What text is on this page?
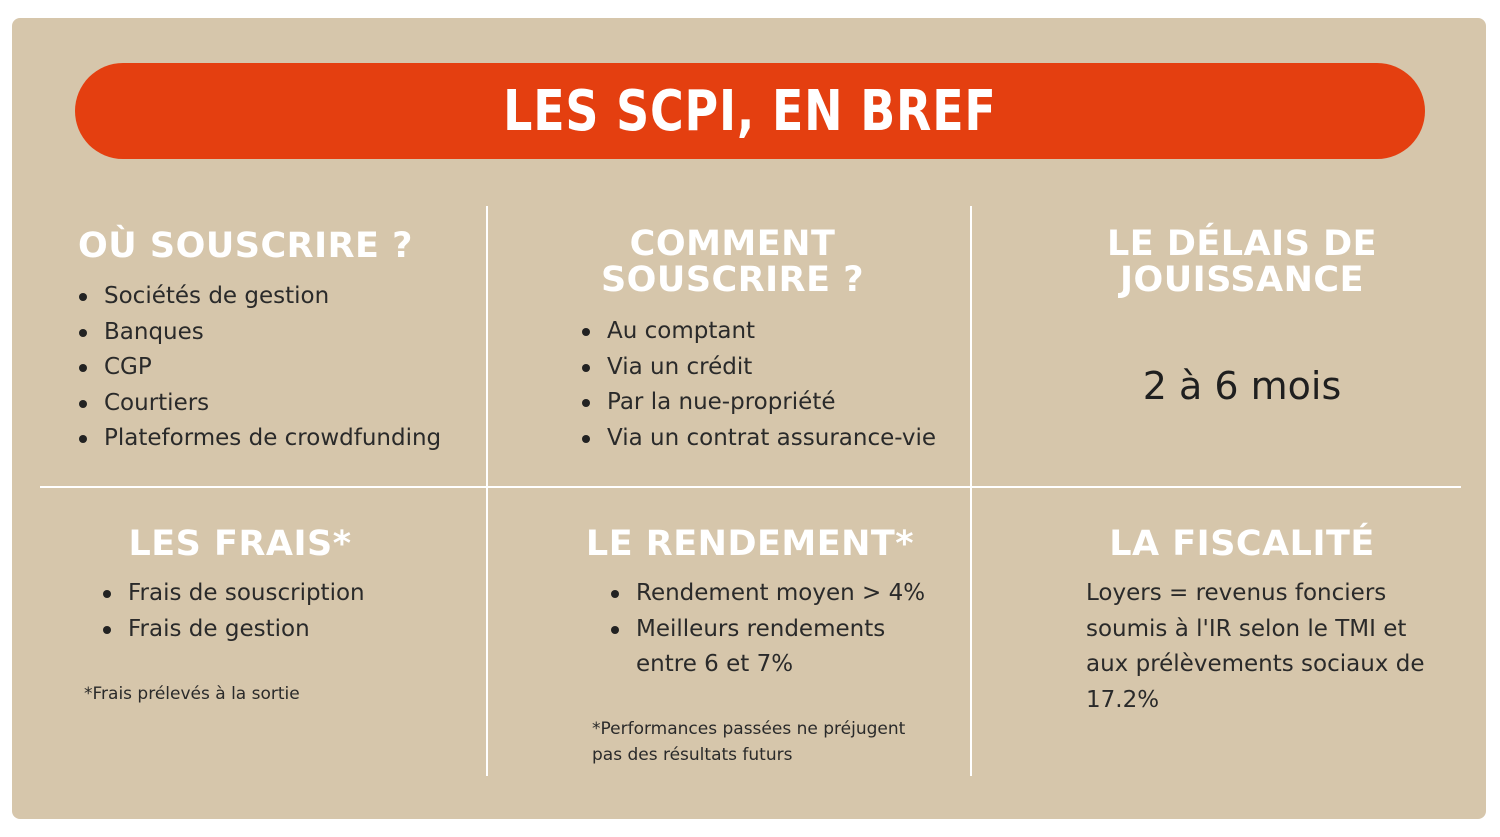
LES SCPI, EN BREF
OÙ SOUSCRIRE ?
Sociétés de gestion
Banques
CGP
Courtiers
Plateformes de crowdfunding
COMMENT
SOUSCRIRE ?
Au comptant
Via un crédit
Par la nue-propriété
Via un contrat assurance-vie
LE DÉLAIS DE
JOUISSANCE
2 à 6 mois
LES FRAIS*
Frais de souscription
Frais de gestion
*Frais prélevés à la sortie
LE RENDEMENT*
Rendement moyen > 4%
Meilleurs rendements entre 6 et 7%
*Performances passées ne préjugent
pas des résultats futurs
LA FISCALITÉ
Loyers = revenus fonciers soumis à l'IR selon le TMI et aux prélèvements sociaux de 17.2%
